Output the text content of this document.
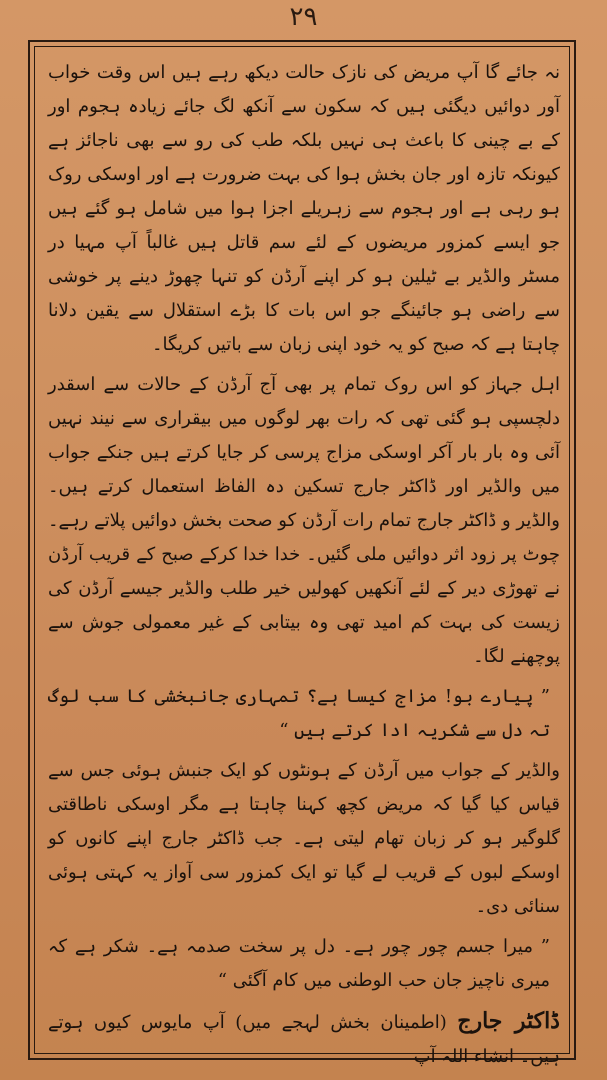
۲۹

نہ جائے گا آپ مریض کی نازک حالت دیکھ رہے ہیں اس وقت خواب آور دوائیں دیگئی ہیں کہ سکون سے آنکھ لگ جائے زیادہ ہجوم اور کے بے چینی کا باعث ہی نہیں بلکہ طب کی رو سے بھی ناجائز ہے کیونکہ تازہ اور جان بخش ہوا کی بہت ضرورت ہے اور اوسکی روک ہو رہی ہے اور ہجوم سے زہریلے اجزا ہوا میں شامل ہو گئے ہیں جو ایسے کمزور مریضوں کے لئے سم قاتل ہیں غالباً آپ مہیا در مسٹر والڈیر بے ٹیلین ہو کر اپنے آرڈن کو تنہا چھوڑ دینے پر خوشی سے راضی ہو جائینگے جو اس بات کا بڑے استقلال سے یقین دلانا چاہتا ہے کہ صبح کو یہ خود اپنی زبان سے باتیں کریگا۔

اہل جہاز کو اس روک تمام پر بھی آج آرڈن کے حالات سے اسقدر دلچسپی ہو گئی تھی کہ رات بھر لوگوں میں بیقراری سے نیند نہیں آئی وہ بار بار آکر اوسکی مزاج پرسی کر جایا کرتے ہیں جنکے جواب میں والڈیر اور ڈاکٹر جارج تسکین دہ الفاظ استعمال کرتے ہیں۔ والڈیر و ڈاکٹر جارج تمام رات آرڈن کو صحت بخش دوائیں پلاتے رہے۔ چوٹ پر زود اثر دوائیں ملی گئیں۔ خدا خدا کرکے صبح کے قریب آرڈن نے تھوڑی دیر کے لئے آنکھیں کھولیں خیر طلب والڈیر جیسے آرڈن کی زیست کی بہت کم امید تھی وہ بیتابی کے غیر معمولی جوش سے پوچھنے لگا۔

” پیارے بو! مزاج کیسا ہے؟ تمہاری جانبخشی کا سب لوگ تہ دل سے شکریہ ادا کرتے ہیں “

والڈیر کے جواب میں آرڈن کے ہونٹوں کو ایک جنبش ہوئی جس سے قیاس کیا گیا کہ مریض کچھ کہنا چاہتا ہے مگر اوسکی ناطاقتی گلوگیر ہو کر زبان تھام لیتی ہے۔ جب ڈاکٹر جارج اپنے کانوں کو اوسکے لبوں کے قریب لے گیا تو ایک کمزور سی آواز یہ کہتی ہوئی سنائی دی۔

” میرا جسم چور چور ہے۔ دل پر سخت صدمہ ہے۔ شکر ہے کہ میری ناچیز جان حب الوطنی میں کام آگئی “

ڈاکٹر جارج (اطمینان بخش لہجے میں) آپ مایوس کیوں ہوتے ہیں۔ انشاء اللہ آپ
